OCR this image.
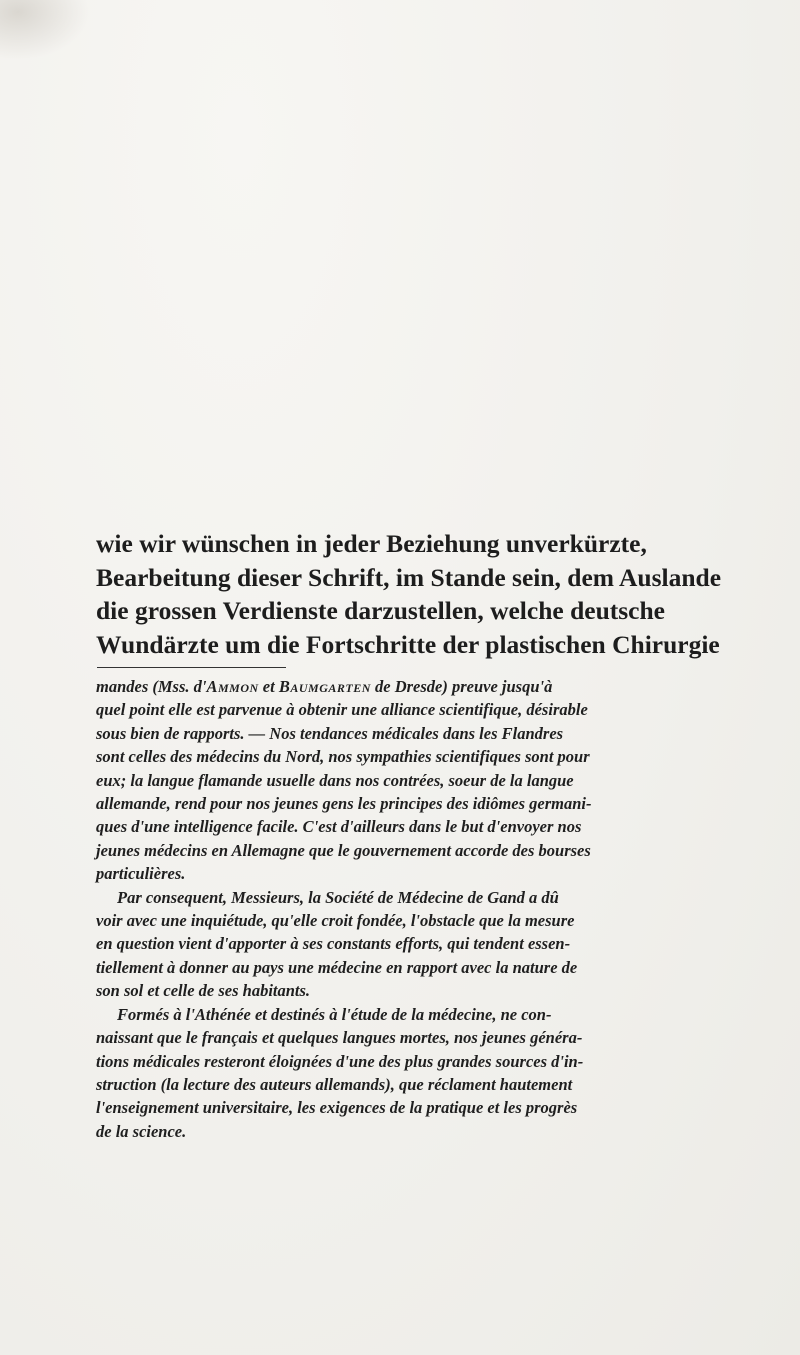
wie wir wünschen in jeder Beziehung unverkürzte,
Bearbeitung dieser Schrift, im Stande sein, dem Auslande
die grossen Verdienste darzustellen, welche deutsche
Wundärzte um die Fortschritte der plastischen Chirurgie
mandes (Mss. d'Ammon et Baumgarten de Dresde) preuve jusqu'à
quel point elle est parvenue à obtenir une alliance scientifique, désirable
sous bien de rapports. — Nos tendances médicales dans les Flandres
sont celles des médecins du Nord, nos sympathies scientifiques sont pour
eux; la langue flamande usuelle dans nos contrées, soeur de la langue
allemande, rend pour nos jeunes gens les principes des idiômes germani-
ques d'une intelligence facile. C'est d'ailleurs dans le but d'envoyer nos
jeunes médecins en Allemagne que le gouvernement accorde des bourses
particulières.
Par consequent, Messieurs, la Société de Médecine de Gand a dû
voir avec une inquiétude, qu'elle croit fondée, l'obstacle que la mesure
en question vient d'apporter à ses constants efforts, qui tendent essen-
tiellement à donner au pays une médecine en rapport avec la nature de
son sol et celle de ses habitants.
Formés à l'Athénée et destinés à l'étude de la médecine, ne con-
naissant que le français et quelques langues mortes, nos jeunes généra-
tions médicales resteront éloignées d'une des plus grandes sources d'in-
struction (la lecture des auteurs allemands), que réclament hautement
l'enseignement universitaire, les exigences de la pratique et les progrès
de la science.
